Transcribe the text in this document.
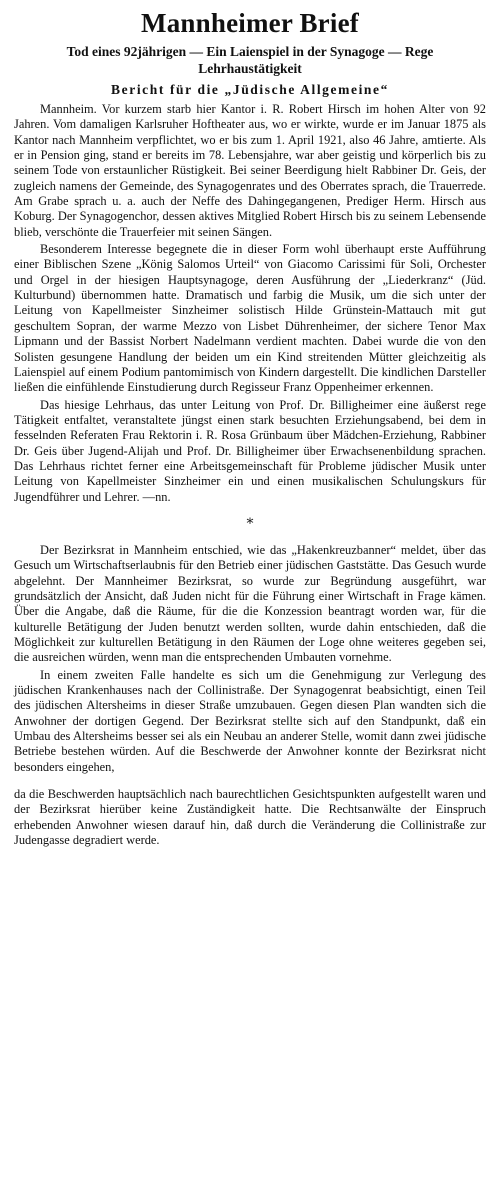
Mannheimer Brief
Tod eines 92jährigen — Ein Laienspiel in der Synagoge — Rege Lehrhaustätigkeit
Bericht für die „Jüdische Allgemeine“

Mannheim. Vor kurzem starb hier Kantor i. R. Robert Hirsch im hohen Alter von 92 Jahren. Vom damaligen Karlsruher Hoftheater aus, wo er wirkte, wurde er im Januar 1875 als Kantor nach Mannheim verpflichtet, wo er bis zum 1. April 1921, also 46 Jahre, amtierte. Als er in Pension ging, stand er bereits im 78. Lebensjahre, war aber geistig und körperlich bis zu seinem Tode von erstaunlicher Rüstigkeit. Bei seiner Beerdigung hielt Rabbiner Dr. Geis, der zugleich namens der Gemeinde, des Synagogenrates und des Oberrates sprach, die Trauerrede. Am Grabe sprach u. a. auch der Neffe des Dahingegangenen, Prediger Herm. Hirsch aus Koburg. Der Synagogenchor, dessen aktives Mitglied Robert Hirsch bis zu seinem Lebensende blieb, verschönte die Trauerfeier mit seinen Sängen.

Besonderem Interesse begegnete die in dieser Form wohl überhaupt erste Aufführung einer Biblischen Szene „König Salomos Urteil“ von Giacomo Carissimi für Soli, Orchester und Orgel in der hiesigen Hauptsynagoge, deren Ausführung der „Liederkranz“ (Jüd. Kulturbund) übernommen hatte. Dramatisch und farbig die Musik, um die sich unter der Leitung von Kapellmeister Sinzheimer solistisch Hilde Grünstein-Mattauch mit gut geschultem Sopran, der warme Mezzo von Lisbet Dührenheimer, der sichere Tenor Max Lipmann und der Bassist Norbert Nadelmann verdient machten. Dabei wurde die von den Solisten gesungene Handlung der beiden um ein Kind streitenden Mütter gleichzeitig als Laienspiel auf einem Podium pantomimisch von Kindern dargestellt. Die kindlichen Darsteller ließen die einfühlende Einstudierung durch Regisseur Franz Oppenheimer erkennen.

Das hiesige Lehrhaus, das unter Leitung von Prof. Dr. Billigheimer eine äußerst rege Tätigkeit entfaltet, veranstaltete jüngst einen stark besuchten Erziehungsabend, bei dem in fesselnden Referaten Frau Rektorin i. R. Rosa Grünbaum über Mädchen-Erziehung, Rabbiner Dr. Geis über Jugend-Alijah und Prof. Dr. Billigheimer über Erwachsenenbildung sprachen. Das Lehrhaus richtet ferner eine Arbeitsgemeinschaft für Probleme jüdischer Musik unter Leitung von Kapellmeister Sinzheimer ein und einen musikalischen Schulungskurs für Jugendführer und Lehrer. —nn.

*

Der Bezirksrat in Mannheim entschied, wie das „Hakenkreuzbanner“ meldet, über das Gesuch um Wirtschaftserlaubnis für den Betrieb einer jüdischen Gaststätte. Das Gesuch wurde abgelehnt. Der Mannheimer Bezirksrat, so wurde zur Begründung ausgeführt, war grundsätzlich der Ansicht, daß Juden nicht für die Führung einer Wirtschaft in Frage kämen. Über die Angabe, daß die Räume, für die die Konzession beantragt worden war, für die kulturelle Betätigung der Juden benutzt werden sollten, wurde dahin entschieden, daß die Möglichkeit zur kulturellen Betätigung in den Räumen der Loge ohne weiteres gegeben sei, die ausreichen würden, wenn man die entsprechenden Umbauten vornehme.

In einem zweiten Falle handelte es sich um die Genehmigung zur Verlegung des jüdischen Krankenhauses nach der Collinistraße. Der Synagogenrat beabsichtigt, einen Teil des jüdischen Altersheims in dieser Straße umzubauen. Gegen diesen Plan wandten sich die Anwohner der dortigen Gegend. Der Bezirksrat stellte sich auf den Standpunkt, daß ein Umbau des Altersheims besser sei als ein Neubau an anderer Stelle, womit dann zwei jüdische Betriebe bestehen würden. Auf die Beschwerde der Anwohner konnte der Bezirksrat nicht besonders eingehen,

da die Beschwerden hauptsächlich nach baurechtlichen Gesichtspunkten aufgestellt waren und der Bezirksrat hierüber keine Zuständigkeit hatte. Die Rechtsanwälte der Einspruch erhebenden Anwohner wiesen darauf hin, daß durch die Veränderung die Collinistraße zur Judengasse degradiert werde.
